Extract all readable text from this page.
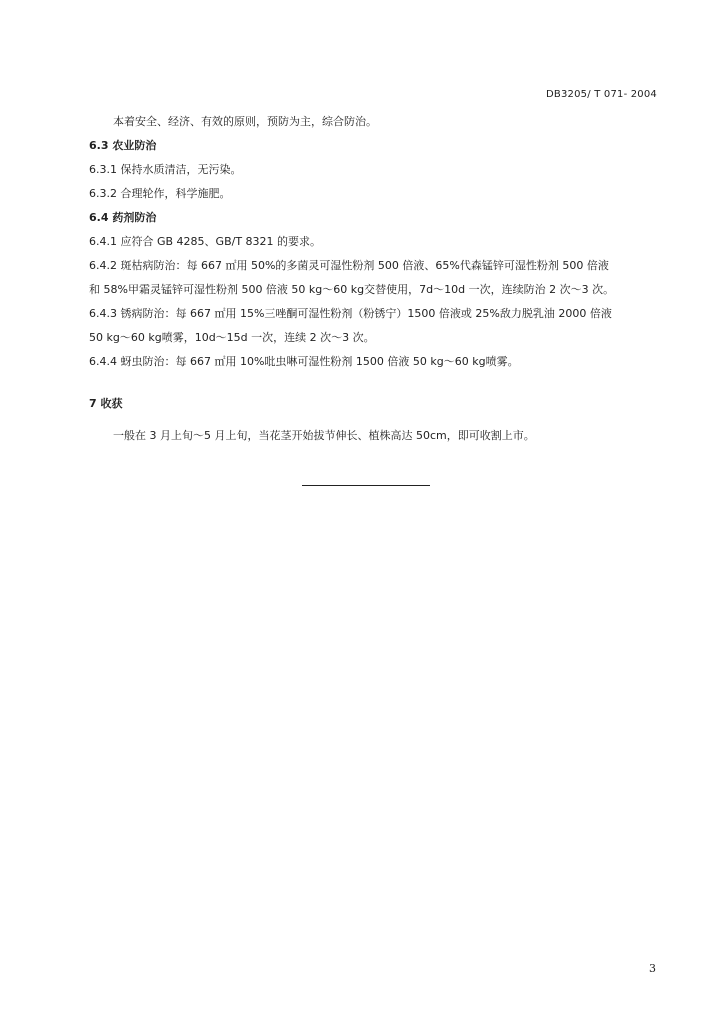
DB3205/ T 071- 2004
本着安全、经济、有效的原则，预防为主，综合防治。
6.3 农业防治
6.3.1 保持水质清洁，无污染。
6.3.2 合理轮作，科学施肥。
6.4 药剂防治
6.4.1 应符合 GB 4285、GB/T 8321 的要求。
6.4.2 斑枯病防治：每 667 ㎡用 50%的多菌灵可湿性粉剂 500 倍液、65%代森锰锌可湿性粉剂 500 倍液
和 58%甲霜灵锰锌可湿性粉剂 500 倍液 50 kg～60 kg交替使用，7d～10d 一次，连续防治 2 次～3 次。
6.4.3 锈病防治：每 667 ㎡用 15%三唑酮可湿性粉剂（粉锈宁）1500 倍液或 25%敌力脱乳油 2000 倍液
50 kg～60 kg喷雾，10d～15d 一次，连续 2 次～3 次。
6.4.4 蚜虫防治：每 667 ㎡用 10%吡虫啉可湿性粉剂 1500 倍液 50 kg～60 kg喷雾。
7 收获
一般在 3 月上旬～5 月上旬，当花茎开始拔节伸长、植株高达 50cm，即可收割上市。
3
